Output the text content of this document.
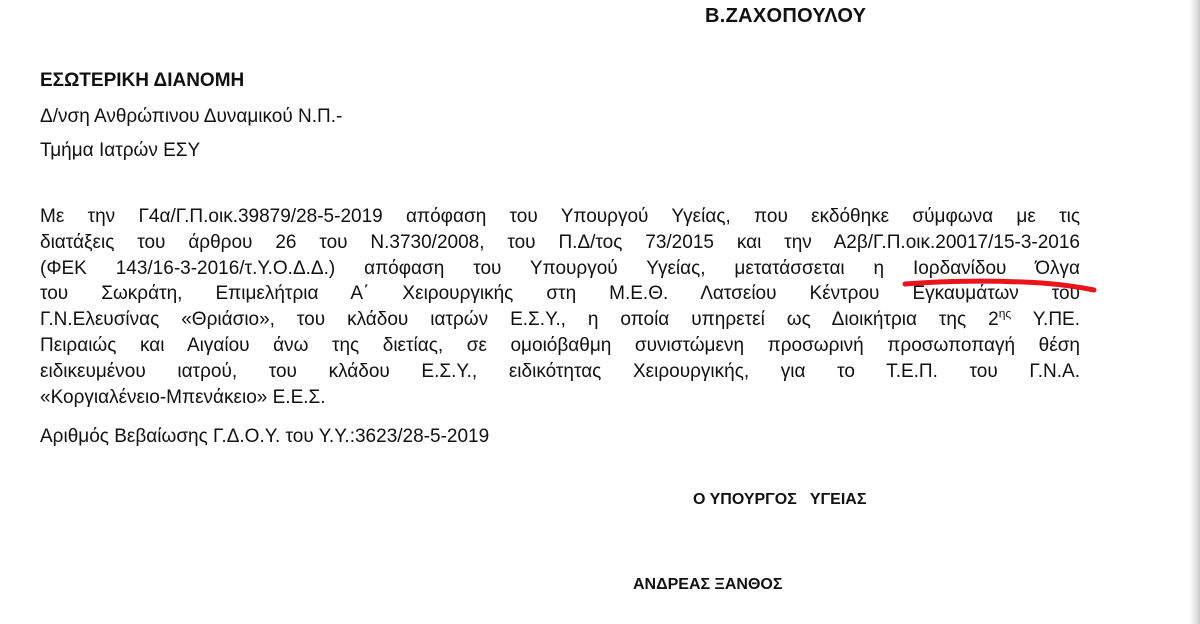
Β.ΖΑΧΟΠΟΥΛΟΥ
ΕΣΩΤΕΡΙΚΗ ΔΙΑΝΟΜΗ
Δ/νση Ανθρώπινου Δυναμικού Ν.Π.-
Τμήμα Ιατρών ΕΣΥ
Με την Γ4α/Γ.Π.οικ.39879/28-5-2019 απόφαση του Υπουργού Υγείας, που εκδόθηκε σύμφωνα με τις
διατάξεις του άρθρου 26 του Ν.3730/2008, του Π.Δ/τος 73/2015 και την Α2β/Γ.Π.οικ.20017/15-3-2016
(ΦΕΚ 143/16-3-2016/τ.Υ.Ο.Δ.Δ.) απόφαση του Υπουργού Υγείας, μετατάσσεται η Ιορδανίδου Όλγα
του Σωκράτη, Επιμελήτρια Α΄ Χειρουργικής στη Μ.Ε.Θ. Λατσείου Κέντρου Εγκαυμάτων του
Γ.Ν.Ελευσίνας «Θριάσιο», του κλάδου ιατρών Ε.Σ.Υ., η οποία υπηρετεί ως Διοικήτρια της $2^{\eta\varsigma}$ Υ.ΠΕ.
Πειραιώς και Αιγαίου άνω της διετίας, σε ομοιόβαθμη συνιστώμενη προσωρινή προσωποπαγή θέση
ειδικευμένου ιατρού, του κλάδου Ε.Σ.Υ., ειδικότητας Χειρουργικής, για το Τ.Ε.Π. του Γ.Ν.Α.
«Κοργιαλένειο-Μπενάκειο» Ε.Ε.Σ.
Αριθμός Βεβαίωσης Γ.Δ.Ο.Υ. του Υ.Υ.:3623/28-5-2019
Ο ΥΠΟΥΡΓΟΣ   ΥΓΕΙΑΣ
ΑΝΔΡΕΑΣ ΞΑΝΘΟΣ
